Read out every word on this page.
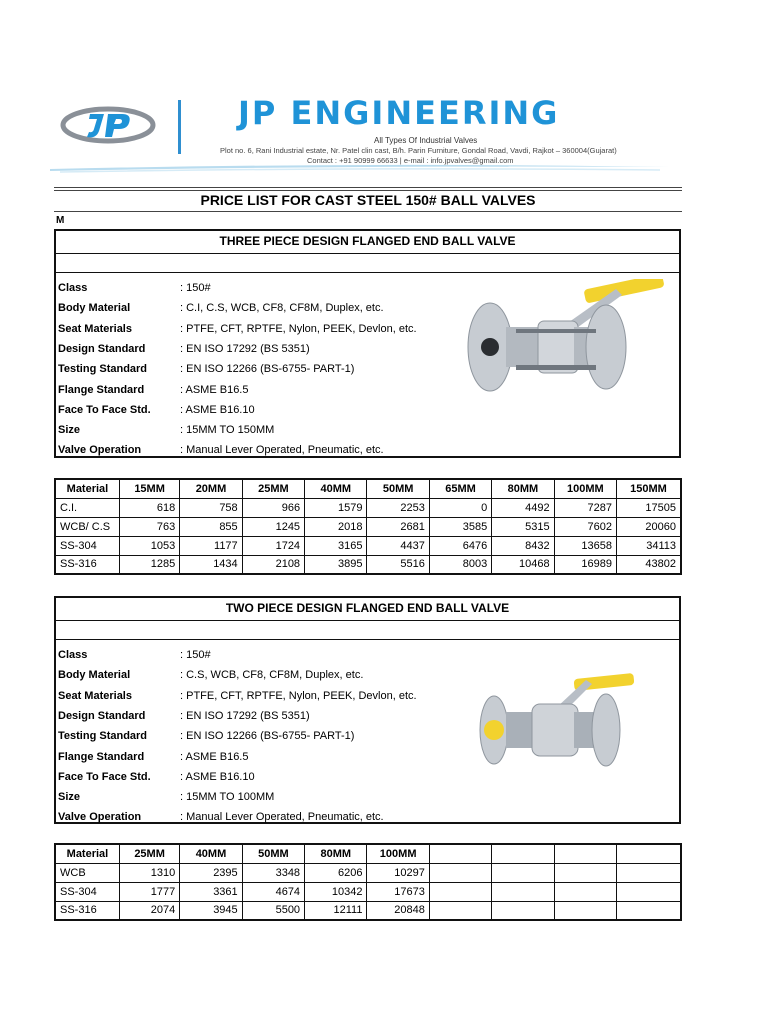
JP ENGINEERING
All Types Of Industrial Valves
Plot no. 6, Rani Industrial estate, Nr. Patel clin cast, B/h. Parin Furniture, Gondal Road, Vavdi, Rajkot – 360004(Gujarat)
Contact : +91 90999 66633 | e-mail : info.jpvalves@gmail.com
PRICE LIST FOR CAST STEEL 150# BALL VALVES
M
THREE PIECE DESIGN FLANGED END BALL VALVE
Class	: 150#
Body Material	: C.I, C.S, WCB, CF8, CF8M, Duplex, etc.
Seat Materials	: PTFE, CFT, RPTFE, Nylon, PEEK, Devlon, etc.
Design Standard	: EN ISO 17292 (BS 5351)
Testing Standard	: EN ISO 12266 (BS-6755- PART-1)
Flange Standard	: ASME B16.5
Face To Face Std.	: ASME B16.10
Size	: 15MM TO 150MM
Valve Operation	: Manual Lever Operated, Pneumatic, etc.
Material	15MM	20MM	25MM	40MM	50MM	65MM	80MM	100MM	150MM
C.I.	618	758	966	1579	2253	0	4492	7287	17505
WCB/ C.S	763	855	1245	2018	2681	3585	5315	7602	20060
SS-304	1053	1177	1724	3165	4437	6476	8432	13658	34113
SS-316	1285	1434	2108	3895	5516	8003	10468	16989	43802
TWO PIECE DESIGN FLANGED END BALL VALVE
Class	: 150#
Body Material	: C.S, WCB, CF8, CF8M, Duplex, etc.
Seat Materials	: PTFE, CFT, RPTFE, Nylon, PEEK, Devlon, etc.
Design Standard	: EN ISO 17292 (BS 5351)
Testing Standard	: EN ISO 12266 (BS-6755- PART-1)
Flange Standard	: ASME B16.5
Face To Face Std.	: ASME B16.10
Size	: 15MM TO 100MM
Valve Operation	: Manual Lever Operated, Pneumatic, etc.
Material	25MM	40MM	50MM	80MM	100MM				
WCB	1310	2395	3348	6206	10297				
SS-304	1777	3361	4674	10342	17673				
SS-316	2074	3945	5500	12111	20848				
